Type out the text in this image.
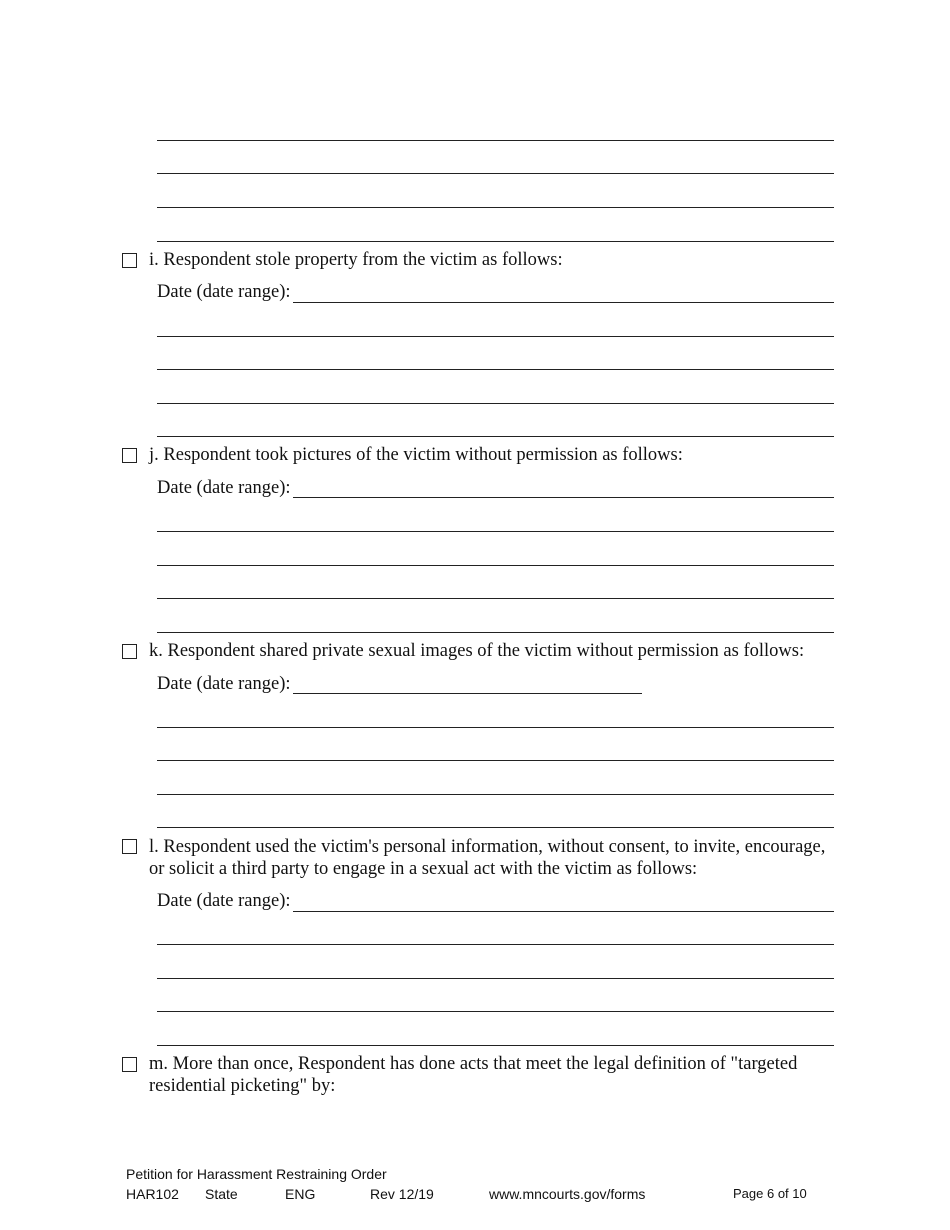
i. Respondent stole property from the victim as follows:
Date (date range):
j. Respondent took pictures of the victim without permission as follows:
Date (date range):
k. Respondent shared private sexual images of the victim without permission as follows:
Date (date range):
l. Respondent used the victim's personal information, without consent, to invite, encourage,
or solicit a third party to engage in a sexual act with the victim as follows:
Date (date range):
m. More than once, Respondent has done acts that meet the legal definition of "targeted
residential picketing" by:
Petition for Harassment Restraining Order
HAR102 State	ENG	Rev 12/19	www.mncourts.gov/forms	Page 6 of 10
